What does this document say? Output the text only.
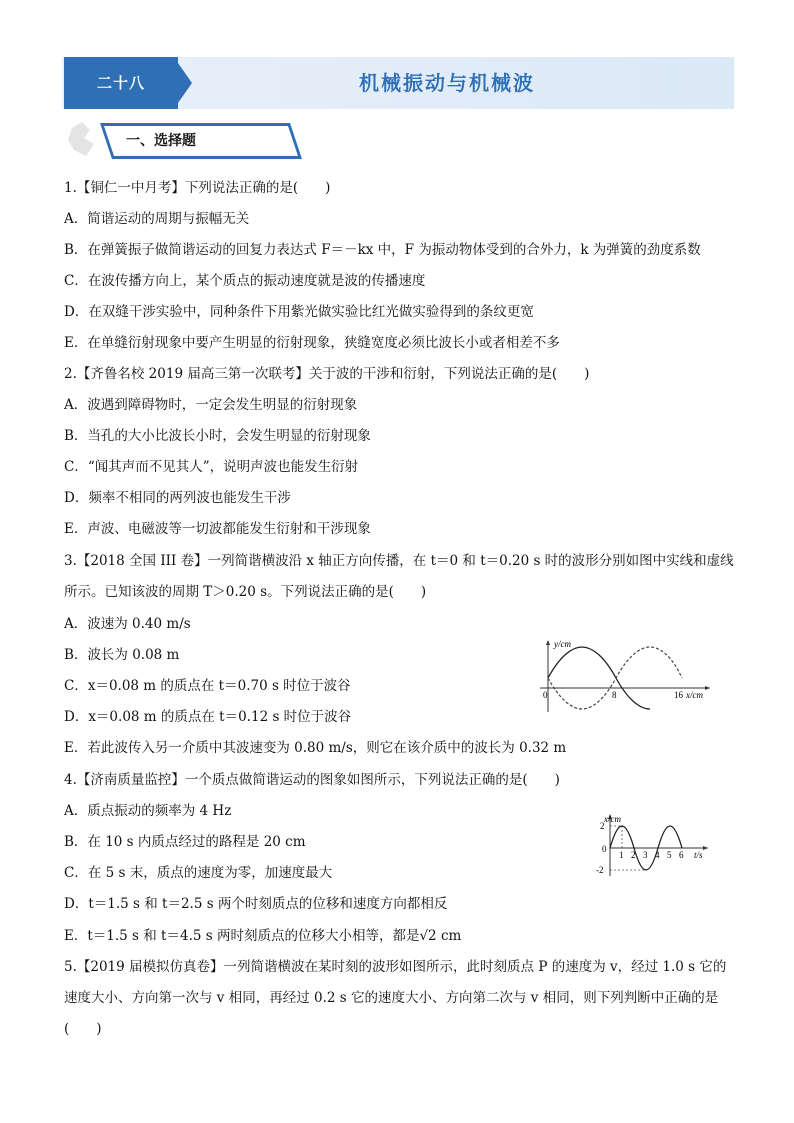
二十八	机械振动与机械波
一、选择题
1.【铜仁一中月考】下列说法正确的是(　　)
A．简谐运动的周期与振幅无关
B．在弹簧振子做简谐运动的回复力表达式 F＝－kx 中，F 为振动物体受到的合外力，k 为弹簧的劲度系数
C．在波传播方向上，某个质点的振动速度就是波的传播速度
D．在双缝干涉实验中，同种条件下用紫光做实验比红光做实验得到的条纹更宽
E．在单缝衍射现象中要产生明显的衍射现象，狭缝宽度必须比波长小或者相差不多
2.【齐鲁名校 2019 届高三第一次联考】关于波的干涉和衍射，下列说法正确的是(　　)
A．波遇到障碍物时，一定会发生明显的衍射现象
B．当孔的大小比波长小时，会发生明显的衍射现象
C．“闻其声而不见其人”，说明声波也能发生衍射
D．频率不相同的两列波也能发生干涉
E．声波、电磁波等一切波都能发生衍射和干涉现象
3.【2018 全国 III 卷】一列简谐横波沿 x 轴正方向传播，在 t＝0 和 t＝0.20 s 时的波形分别如图中实线和虚线
所示。已知该波的周期 T＞0.20 s。下列说法正确的是(　　)
A．波速为 0.40 m/s
B．波长为 0.08 m
C．x＝0.08 m 的质点在 t＝0.70 s 时位于波谷
D．x＝0.08 m 的质点在 t＝0.12 s 时位于波谷
E．若此波传入另一介质中其波速变为 0.80 m/s，则它在该介质中的波长为 0.32 m
4.【济南质量监控】一个质点做简谐运动的图象如图所示，下列说法正确的是(　　)
A．质点振动的频率为 4 Hz
B．在 10 s 内质点经过的路程是 20 cm
C．在 5 s 末，质点的速度为零，加速度最大
D．t＝1.5 s 和 t＝2.5 s 两个时刻质点的位移和速度方向都相反
E．t＝1.5 s 和 t＝4.5 s 两时刻质点的位移大小相等，都是√2 cm
5.【2019 届模拟仿真卷】一列简谐横波在某时刻的波形如图所示，此时刻质点 P 的速度为 v，经过 1.0 s 它的
速度大小、方向第一次与 v 相同，再经过 0.2 s 它的速度大小、方向第二次与 v 相同，则下列判断中正确的是
(　　)
y/cm
0	8	16 x/cm
x/cm
2
0
-2
1 2 3 4 5 6 t/s
